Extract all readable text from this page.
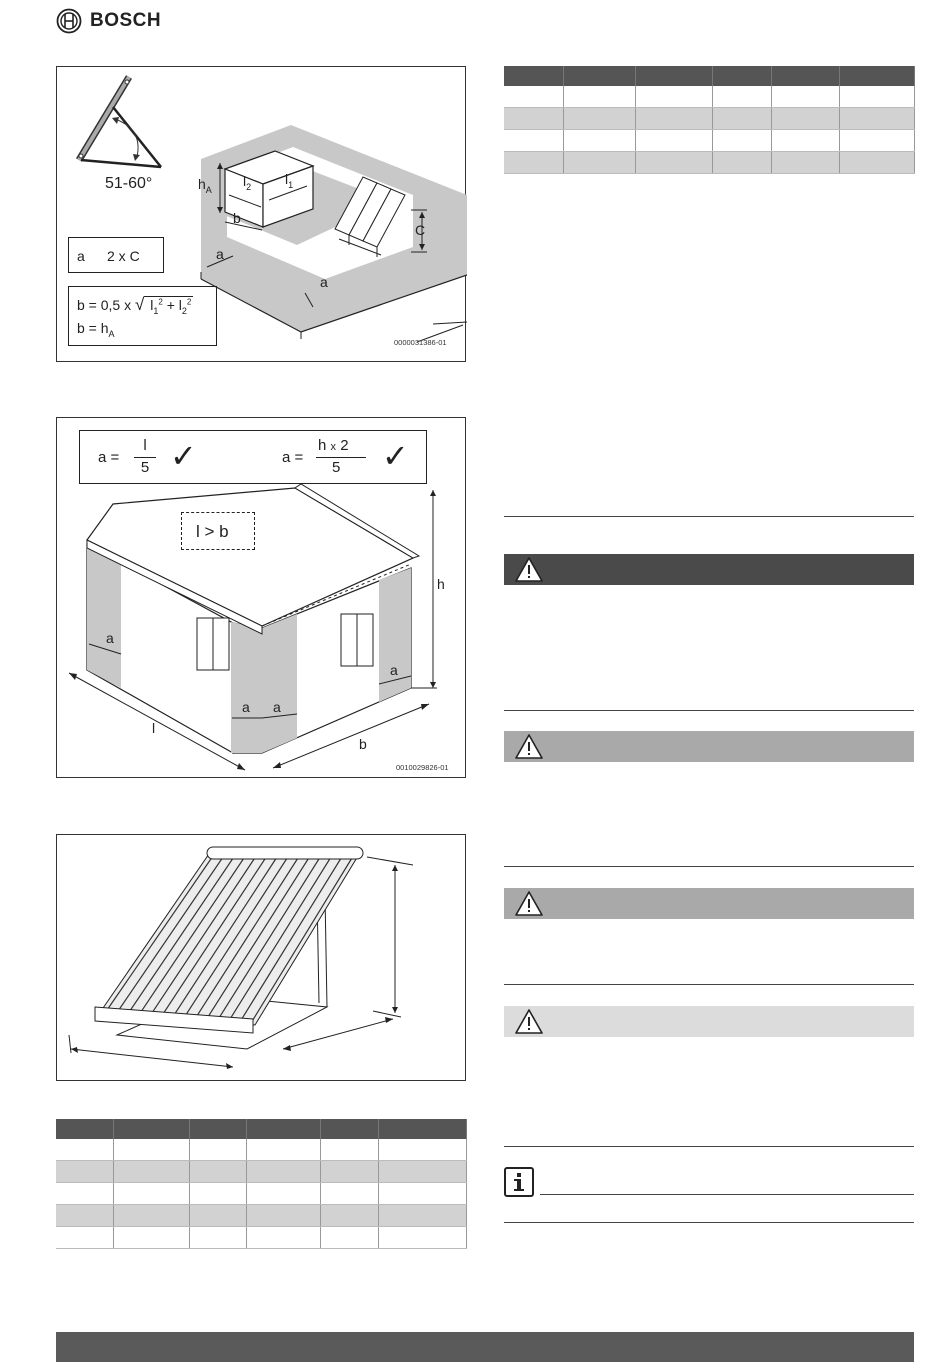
BOSCH
51-60°
a 2 x C
b = 0,5 x √ $l_1^2 + l_2^2$
$b = h_A$
$h_A$
$l_2$ $l_1$
b
a
a
C
0000031386-01
a =
l
5 ✓	a =
h x 2
5 ✓
l > b
a
a a
a
h
l
b
0010029826-01
